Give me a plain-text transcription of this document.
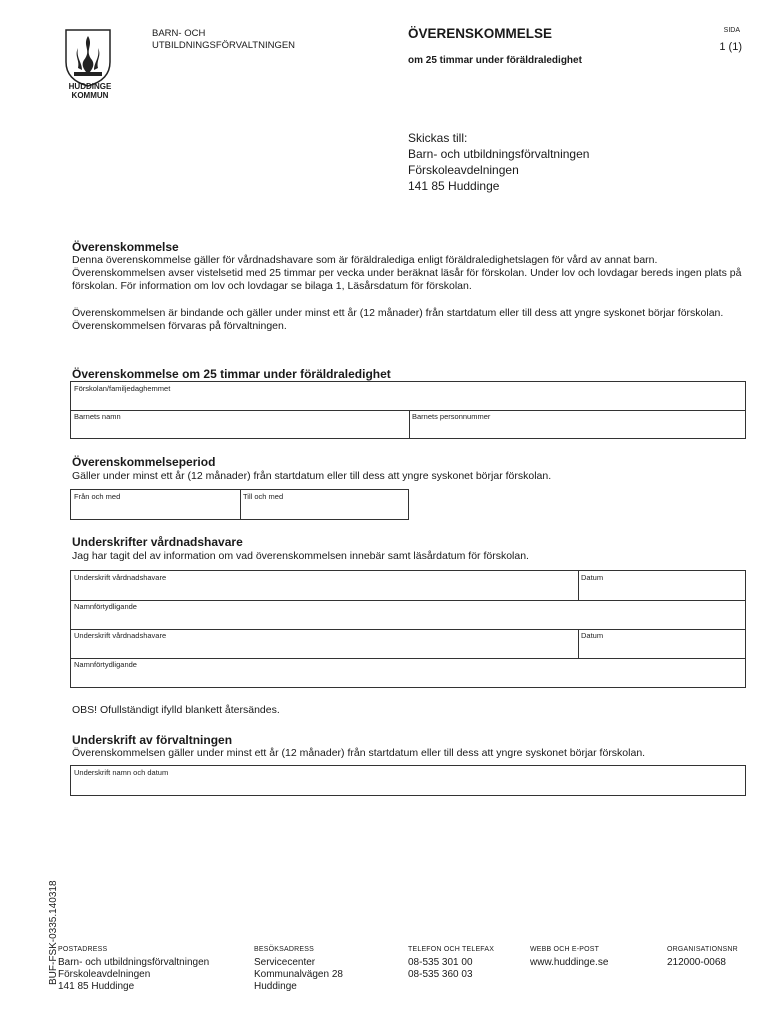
HUDDINGE
KOMMUN
BARN- OCH
UTBILDNINGSFÖRVALTNINGEN
ÖVERENSKOMMELSE
om 25 timmar under föräldraledighet
SIDA
1 (1)
Skickas till:
Barn- och utbildningsförvaltningen
Förskoleavdelningen
141 85 Huddinge
Överenskommelse
Denna överenskommelse gäller för vårdnadshavare som är föräldralediga enligt föräldraledighetslagen för vård av annat barn. Överenskommelsen avser vistelsetid med 25 timmar per vecka under beräknat läsår för förskolan. Under lov och lovdagar bereds ingen plats på förskolan. För information om lov och lovdagar se bilaga 1, Läsårsdatum för förskolan.
Överenskommelsen är bindande och gäller under minst ett år (12 månader) från startdatum eller till dess att yngre syskonet börjar förskolan. Överenskommelsen förvaras på förvaltningen.
Överenskommelse om 25 timmar under föräldraledighet
Förskolan/familjedaghemmet
Barnets namn	Barnets personnummer
Överenskommelseperiod
Gäller under minst ett år (12 månader) från startdatum eller till dess att yngre syskonet börjar förskolan.
Från och med	Till och med
Underskrifter vårdnadshavare
Jag har tagit del av information om vad överenskommelsen innebär samt läsårdatum för förskolan.
Underskrift vårdnadshavare	Datum
Namnförtydligande
Underskrift vårdnadshavare	Datum
Namnförtydligande
OBS! Ofullständigt ifylld blankett återsändes.
Underskrift av förvaltningen
Överenskommelsen gäller under minst ett år (12 månader) från startdatum eller till dess att yngre syskonet börjar förskolan.
Underskrift namn och datum
BUF-FSK-0335.140318 POSTADRESS
Barn- och utbildningsförvaltningen
Förskoleavdelningen
141 85 Huddinge
BESÖKSADRESS
Servicecenter
Kommunalvägen 28
Huddinge
TELEFON OCH TELEFAX
08-535 301 00
08-535 360 03
WEBB OCH E-POST
www.huddinge.se
ORGANISATIONSNR
212000-0068
